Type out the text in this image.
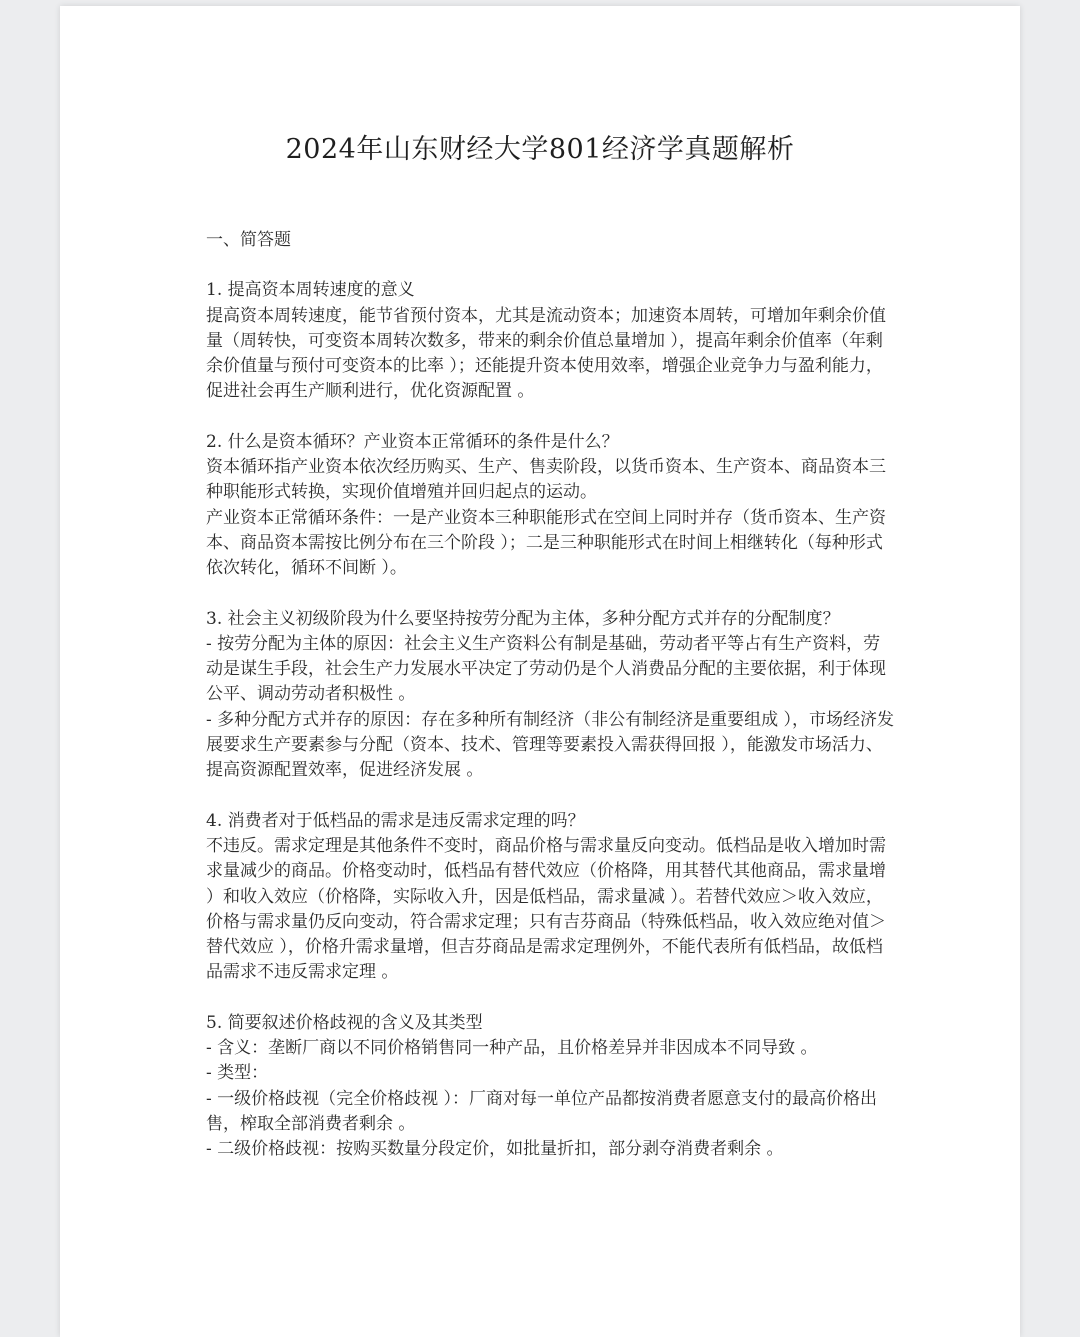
2024年山东财经大学801经济学真题解析

一、简答题

1. 提高资本周转速度的意义

提高资本周转速度，能节省预付资本，尤其是流动资本；加速资本周转，可增加年剩余价值量（周转快，可变资本周转次数多，带来的剩余价值总量增加 ），提高年剩余价值率（年剩余价值量与预付可变资本的比率 ）；还能提升资本使用效率，增强企业竞争力与盈利能力，促进社会再生产顺利进行，优化资源配置 。

2. 什么是资本循环？产业资本正常循环的条件是什么？

资本循环指产业资本依次经历购买、生产、售卖阶段，以货币资本、生产资本、商品资本三种职能形式转换，实现价值增殖并回归起点的运动。

产业资本正常循环条件：一是产业资本三种职能形式在空间上同时并存（货币资本、生产资本、商品资本需按比例分布在三个阶段 ）；二是三种职能形式在时间上相继转化（每种形式依次转化，循环不间断 ）。

3. 社会主义初级阶段为什么要坚持按劳分配为主体，多种分配方式并存的分配制度？

- 按劳分配为主体的原因：社会主义生产资料公有制是基础，劳动者平等占有生产资料，劳动是谋生手段，社会生产力发展水平决定了劳动仍是个人消费品分配的主要依据，利于体现公平、调动劳动者积极性 。

- 多种分配方式并存的原因：存在多种所有制经济（非公有制经济是重要组成 ），市场经济发展要求生产要素参与分配（资本、技术、管理等要素投入需获得回报 ），能激发市场活力、提高资源配置效率，促进经济发展 。

4. 消费者对于低档品的需求是违反需求定理的吗？

不违反。需求定理是其他条件不变时，商品价格与需求量反向变动。低档品是收入增加时需求量减少的商品。价格变动时，低档品有替代效应（价格降，用其替代其他商品，需求量增 ）和收入效应（价格降，实际收入升，因是低档品，需求量减 ）。若替代效应＞收入效应，价格与需求量仍反向变动，符合需求定理；只有吉芬商品（特殊低档品，收入效应绝对值＞替代效应 ），价格升需求量增，但吉芬商品是需求定理例外，不能代表所有低档品，故低档品需求不违反需求定理 。

5. 简要叙述价格歧视的含义及其类型

- 含义：垄断厂商以不同价格销售同一种产品，且价格差异并非因成本不同导致 。

- 类型：

- 一级价格歧视（完全价格歧视 ）：厂商对每一单位产品都按消费者愿意支付的最高价格出售，榨取全部消费者剩余 。

- 二级价格歧视：按购买数量分段定价，如批量折扣，部分剥夺消费者剩余 。
